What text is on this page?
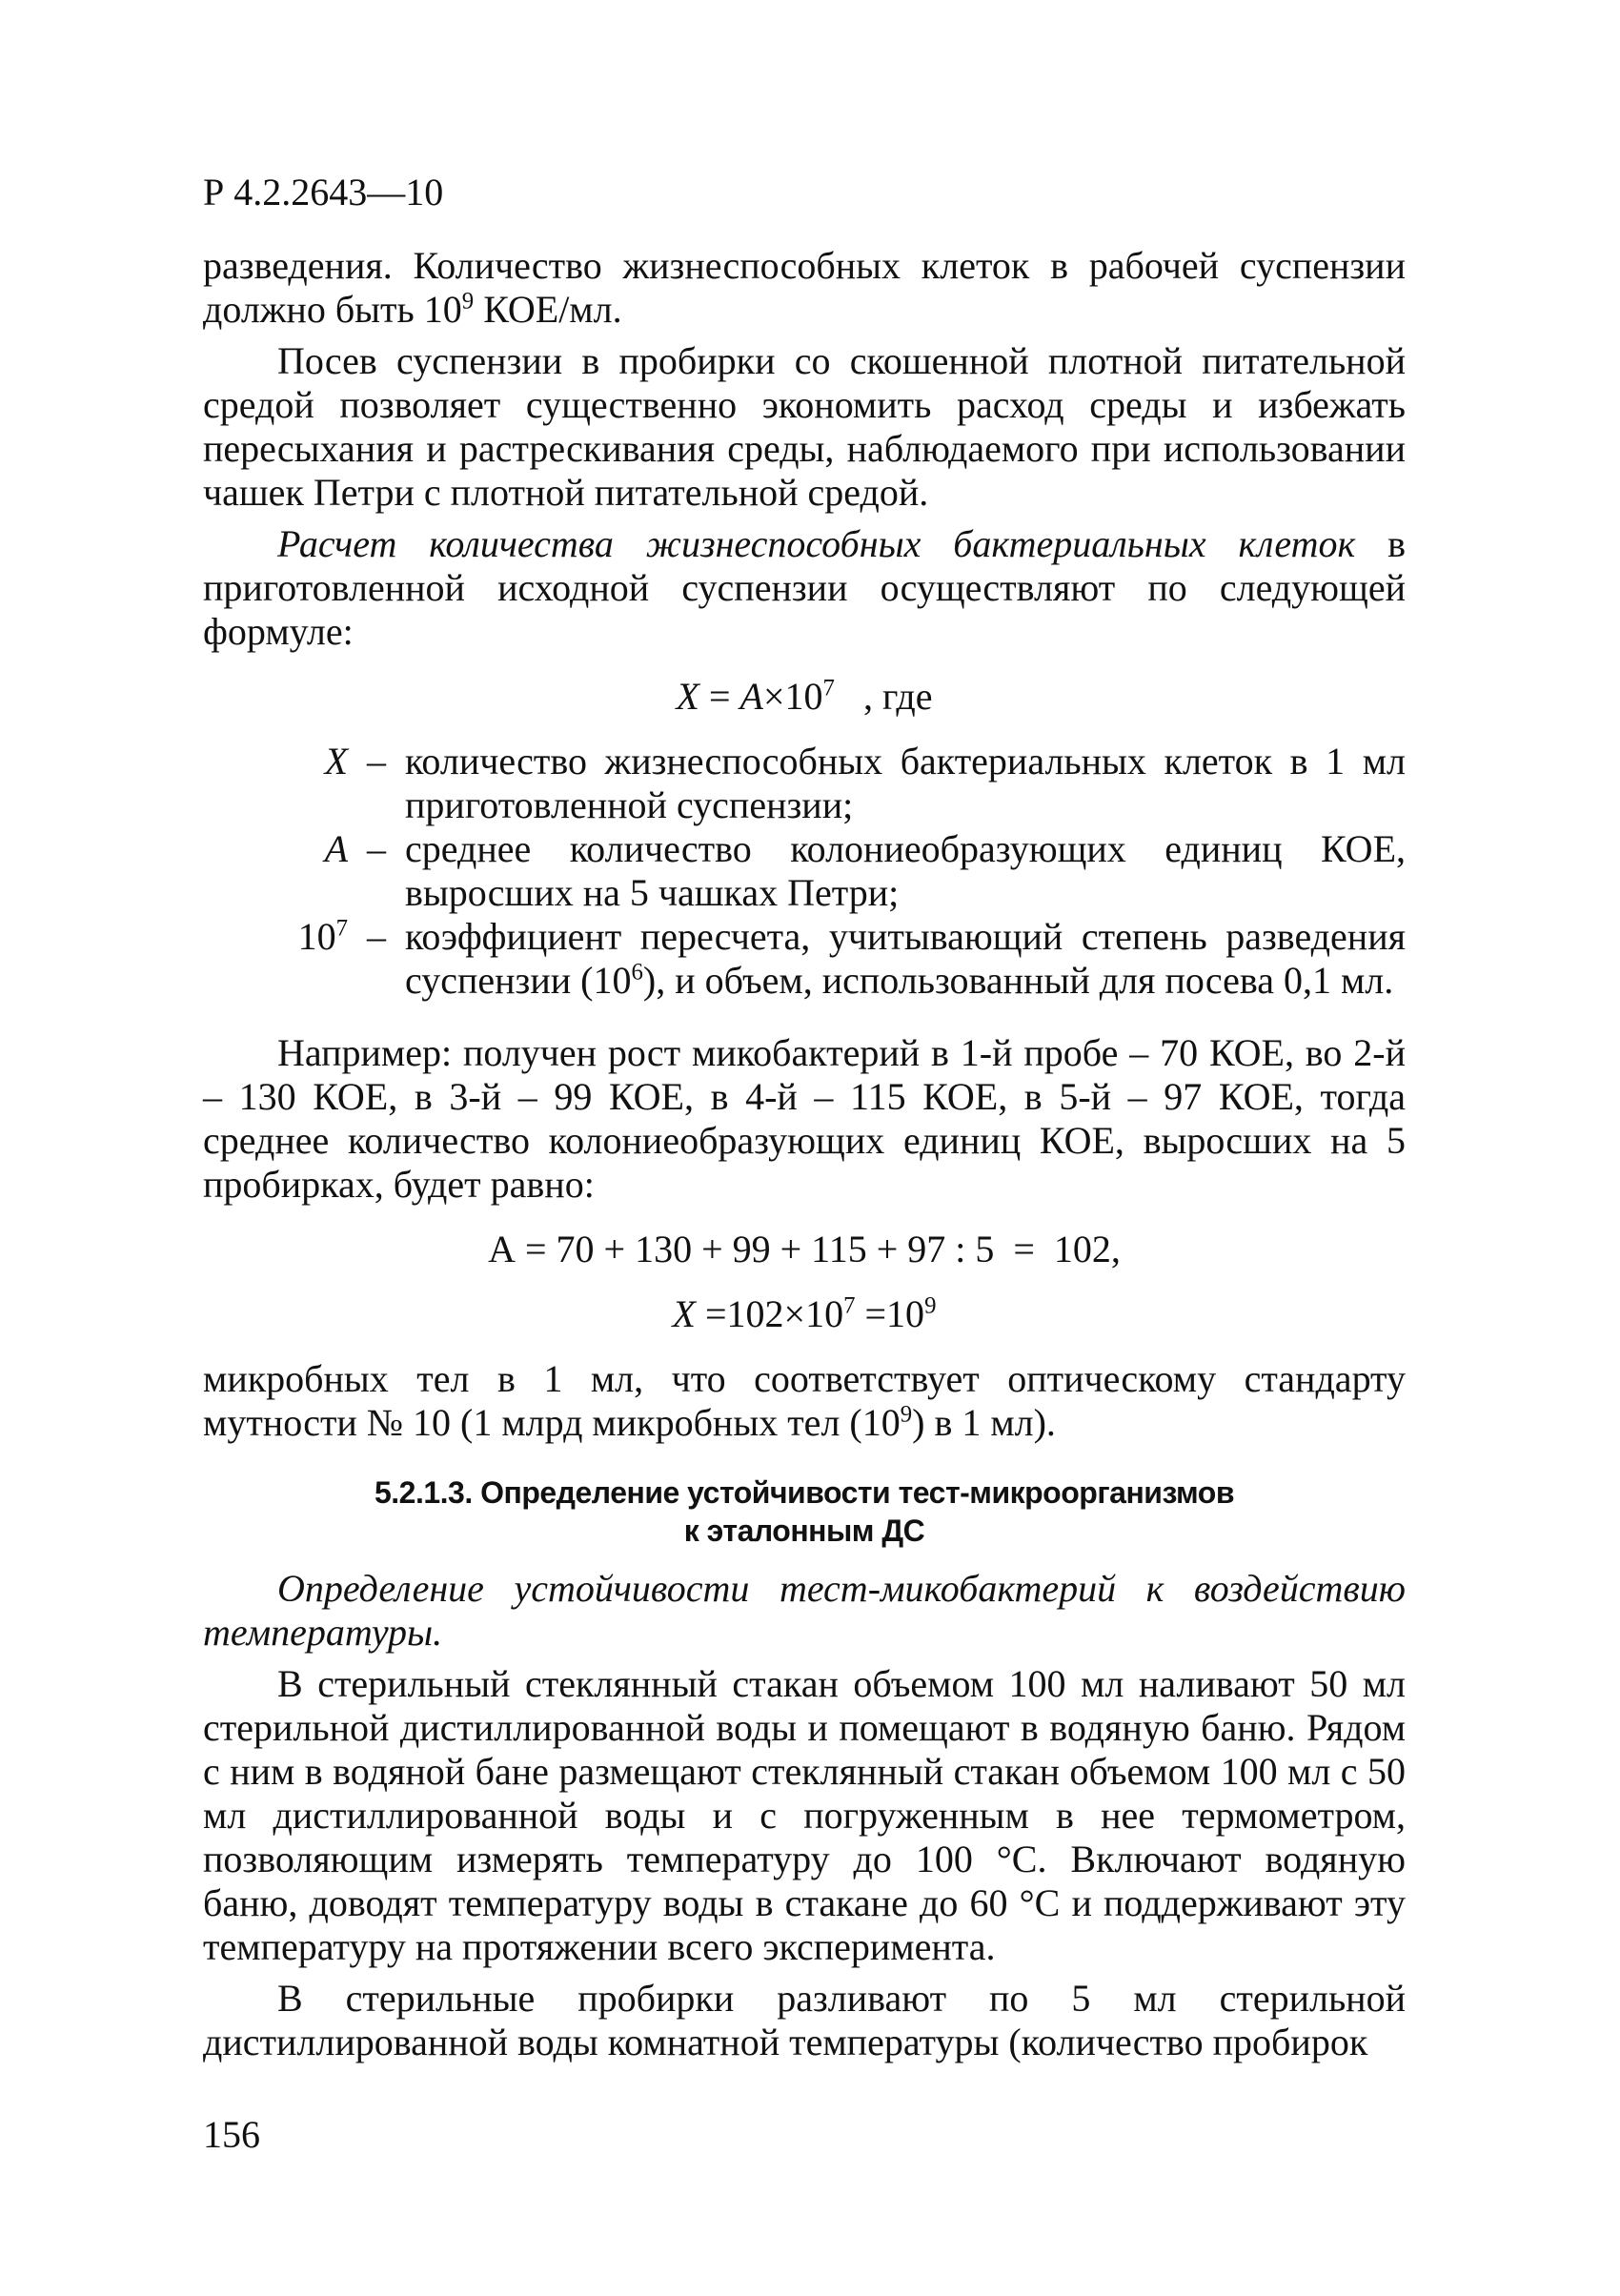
Р 4.2.2643—10

разведения. Количество жизнеспособных клеток в рабочей суспензии должно быть $10^9$ КОЕ/мл.

Посев суспензии в пробирки со скошенной плотной питательной средой позволяет существенно экономить расход среды и избежать пересыхания и растрескивания среды, наблюдаемого при использовании чашек Петри с плотной питательной средой.

Расчет количества жизнеспособных бактериальных клеток в приготовленной исходной суспензии осуществляют по следующей формуле:

$X = A\times 10^7$   , где
X – количество жизнеспособных бактериальных клеток в 1 мл приготовленной суспензии;
A – среднее количество колониеобразующих единиц КОЕ, выросших на 5 чашках Петри;
$10^7$ – коэффициент пересчета, учитывающий степень разведения суспензии $(10^6)$, и объем, использованный для посева 0,1 мл.

Например: получен рост микобактерий в 1-й пробе – 70 КОЕ, во 2-й – 130 КОЕ, в 3-й – 99 КОЕ, в 4-й – 115 КОЕ, в 5-й – 97 КОЕ, тогда среднее количество колониеобразующих единиц КОЕ, выросших на 5 пробирках, будет равно:

А = 70 + 130 + 99 + 115 + 97 : 5  =  102,
$X =102\times 10^7 =10^9$

микробных тел в 1 мл, что соответствует оптическому стандарту мутности № 10 (1 млрд микробных тел $(10^9)$ в 1 мл).

5.2.1.3. Определение устойчивости тест-микроорганизмов
к эталонным ДС

Определение устойчивости тест-микобактерий к воздействию температуры.

В стерильный стеклянный стакан объемом 100 мл наливают 50 мл стерильной дистиллированной воды и помещают в водяную баню. Рядом с ним в водяной бане размещают стеклянный стакан объемом 100 мл с 50 мл дистиллированной воды и с погруженным в нее термометром, позволяющим измерять температуру до 100 °С. Включают водяную баню, доводят температуру воды в стакане до 60 °С и поддерживают эту температуру на протяжении всего эксперимента.

В стерильные пробирки разливают по 5 мл стерильной дистиллированной воды комнатной температуры (количество пробирок

156
